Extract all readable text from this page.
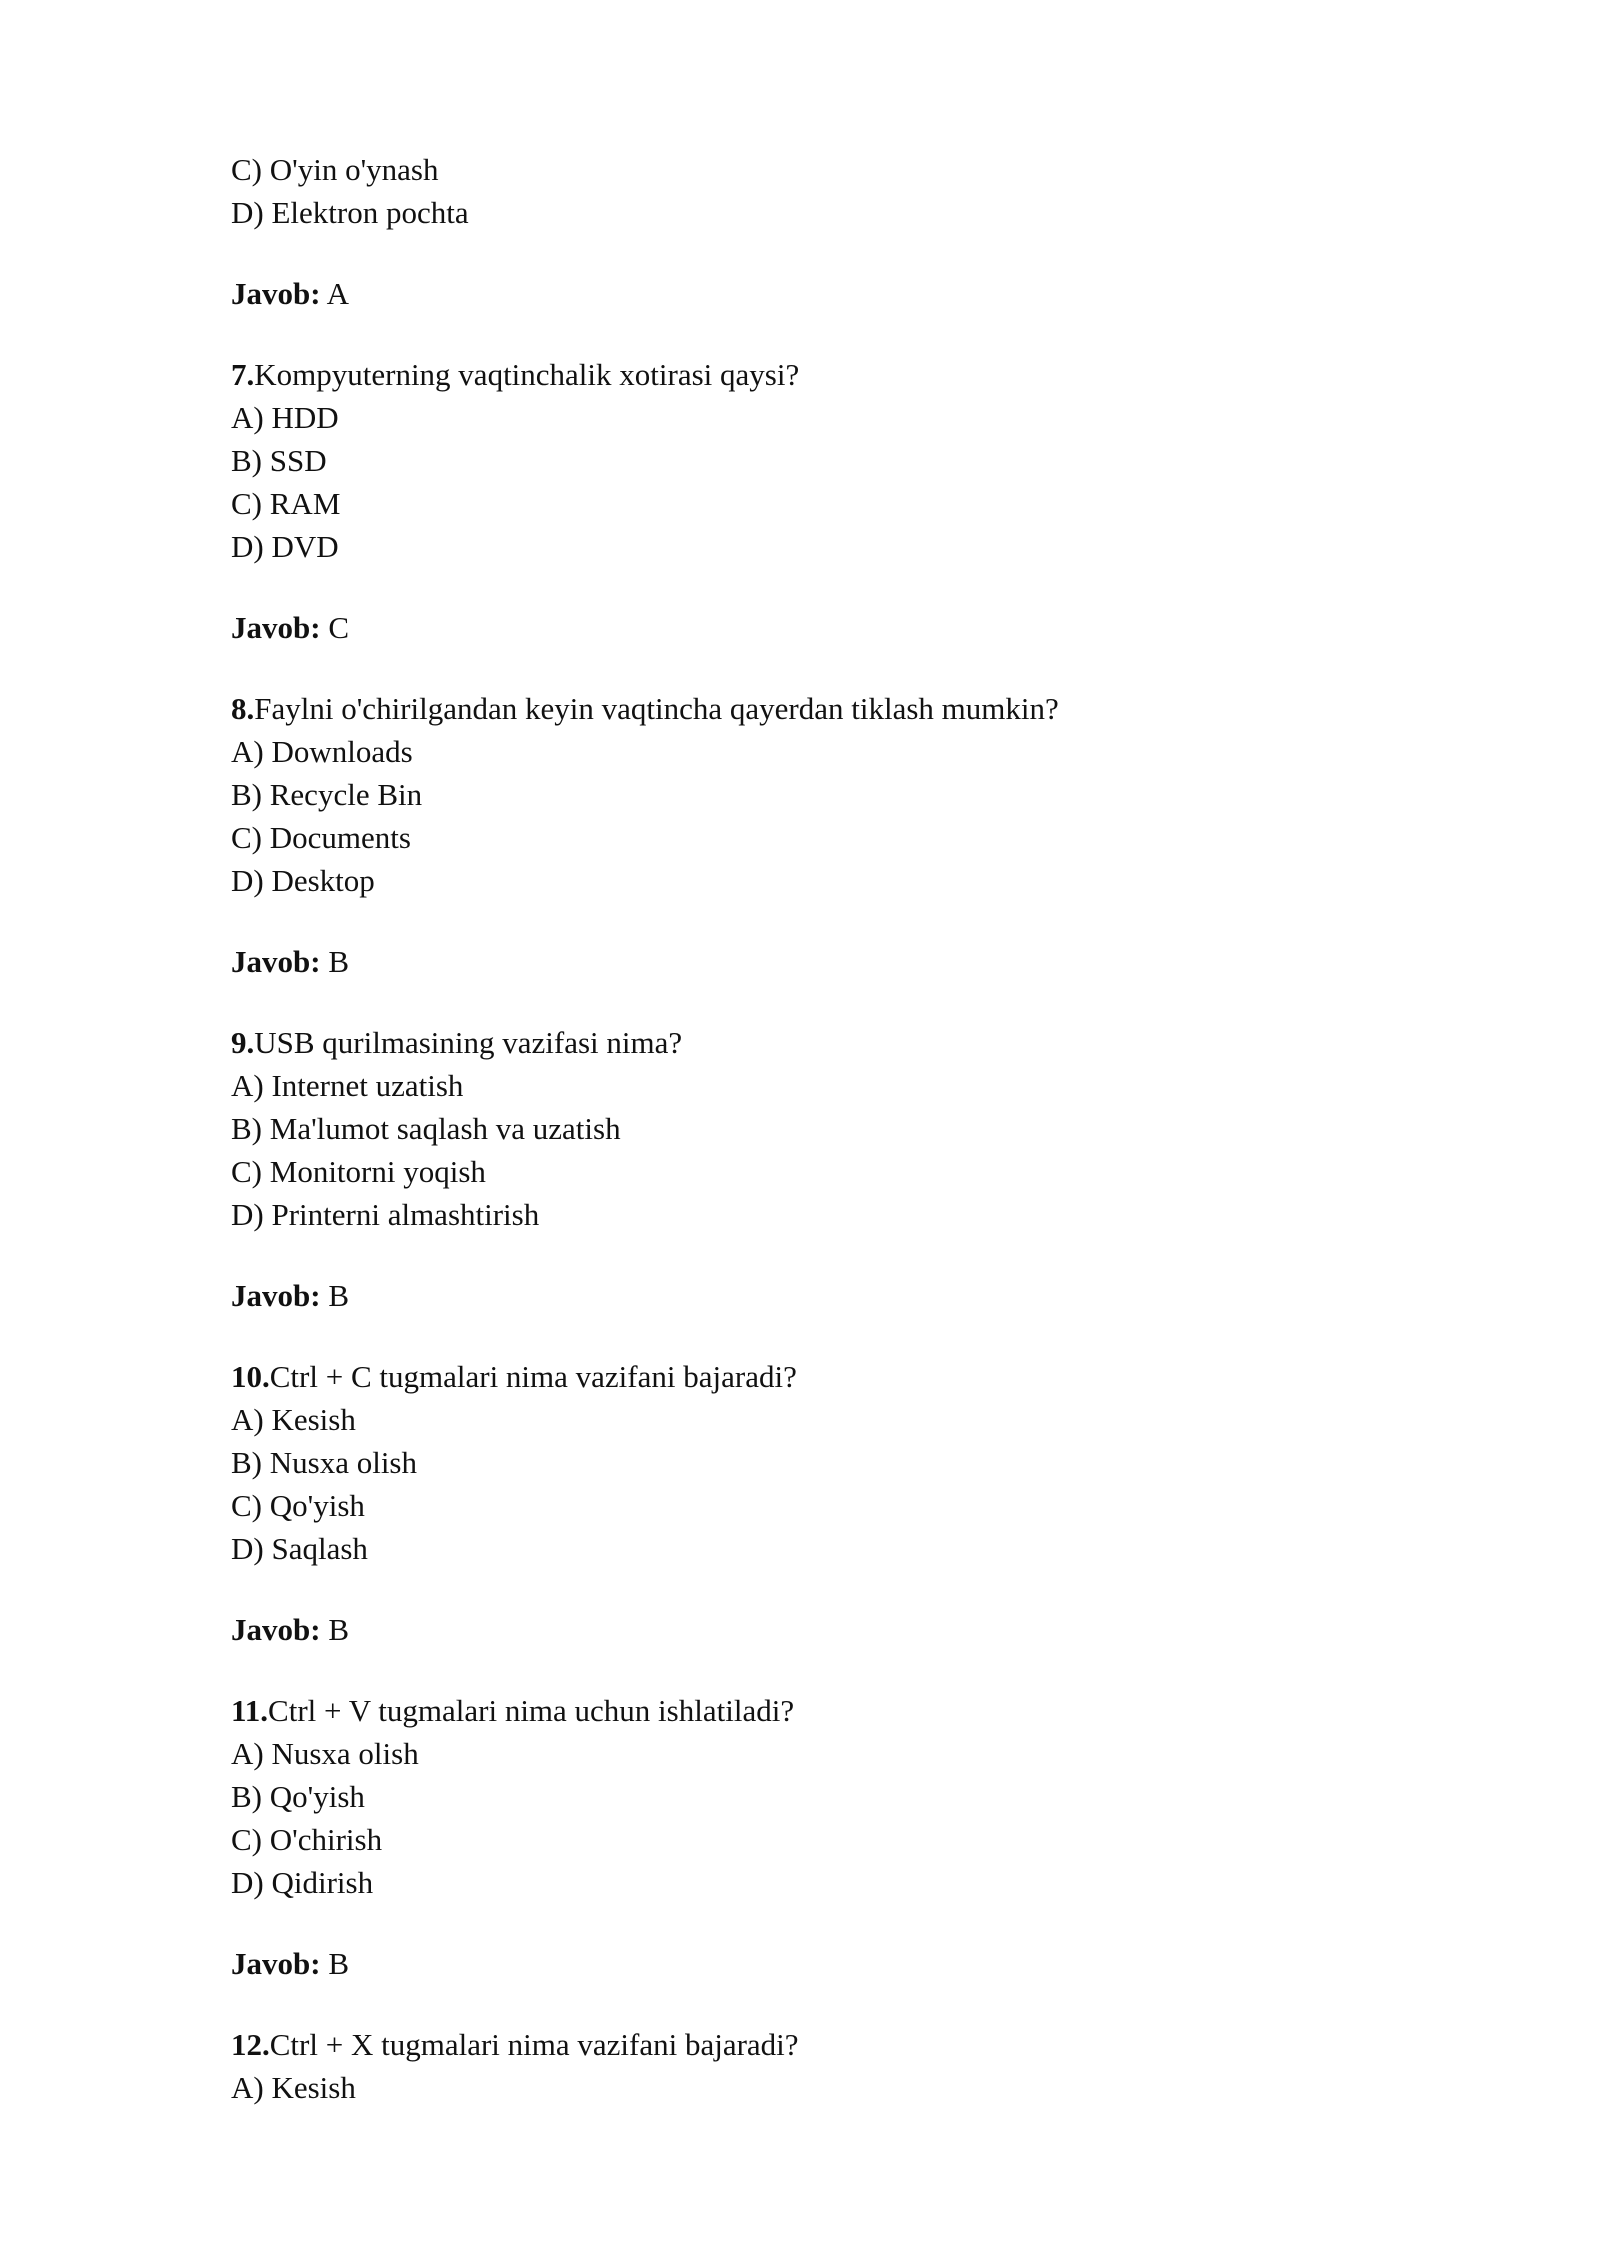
C) O'yin o'ynash
D) Elektron pochta
Javob: A
7.Kompyuterning vaqtinchalik xotirasi qaysi?
A) HDD
B) SSD
C) RAM
D) DVD
Javob: C
8.Faylni o'chirilgandan keyin vaqtincha qayerdan tiklash mumkin?
A) Downloads
B) Recycle Bin
C) Documents
D) Desktop
Javob: B
9.USB qurilmasining vazifasi nima?
A) Internet uzatish
B) Ma'lumot saqlash va uzatish
C) Monitorni yoqish
D) Printerni almashtirish
Javob: B
10.Ctrl + C tugmalari nima vazifani bajaradi?
A) Kesish
B) Nusxa olish
C) Qo'yish
D) Saqlash
Javob: B
11.Ctrl + V tugmalari nima uchun ishlatiladi?
A) Nusxa olish
B) Qo'yish
C) O'chirish
D) Qidirish
Javob: B
12.Ctrl + X tugmalari nima vazifani bajaradi?
A) Kesish
